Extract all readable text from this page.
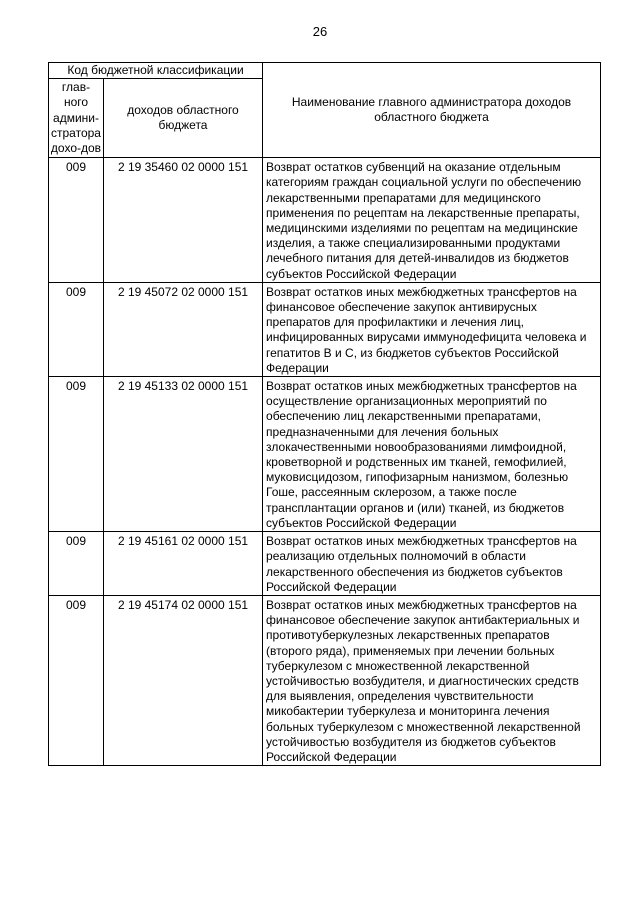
26
Код бюджетной классификации		Наименование главного администратора доходов областного бюджета
глав-ного админи-стратора дохо-дов	доходов областного бюджета	
009	2 19 35460 02 0000 151	Возврат остатков субвенций на оказание отдельным категориям граждан социальной услуги по обеспечению лекарственными препаратами для медицинского применения по рецептам на лекарственные препараты, медицинскими изделиями по рецептам на медицинские изделия, а также специализированными продуктами лечебного питания для детей-инвалидов из бюджетов субъектов Российской Федерации
009	2 19 45072 02 0000 151	Возврат остатков иных межбюджетных трансфертов на финансовое обеспечение закупок антивирусных препаратов для профилактики и лечения лиц, инфицированных вирусами иммунодефицита человека и гепатитов B и C, из бюджетов субъектов Российской Федерации
009	2 19 45133 02 0000 151	Возврат остатков иных межбюджетных трансфертов на осуществление организационных мероприятий по обеспечению лиц лекарственными препаратами, предназначенными для лечения больных злокачественными новообразованиями лимфоидной, кроветворной и родственных им тканей, гемофилией, муковисцидозом, гипофизарным нанизмом, болезнью Гоше, рассеянным склерозом, а также после трансплантации органов и (или) тканей, из бюджетов субъектов Российской Федерации
009	2 19 45161 02 0000 151	Возврат остатков иных межбюджетных трансфертов на реализацию отдельных полномочий в области лекарственного обеспечения из бюджетов субъектов Российской Федерации
009	2 19 45174 02 0000 151	Возврат остатков иных межбюджетных трансфертов на финансовое обеспечение закупок антибактериальных и противотуберкулезных лекарственных препаратов (второго ряда), применяемых при лечении больных туберкулезом с множественной лекарственной устойчивостью возбудителя, и диагностических средств для выявления, определения чувствительности микобактерии туберкулеза и мониторинга лечения больных туберкулезом с множественной лекарственной устойчивостью возбудителя из бюджетов субъектов Российской Федерации
